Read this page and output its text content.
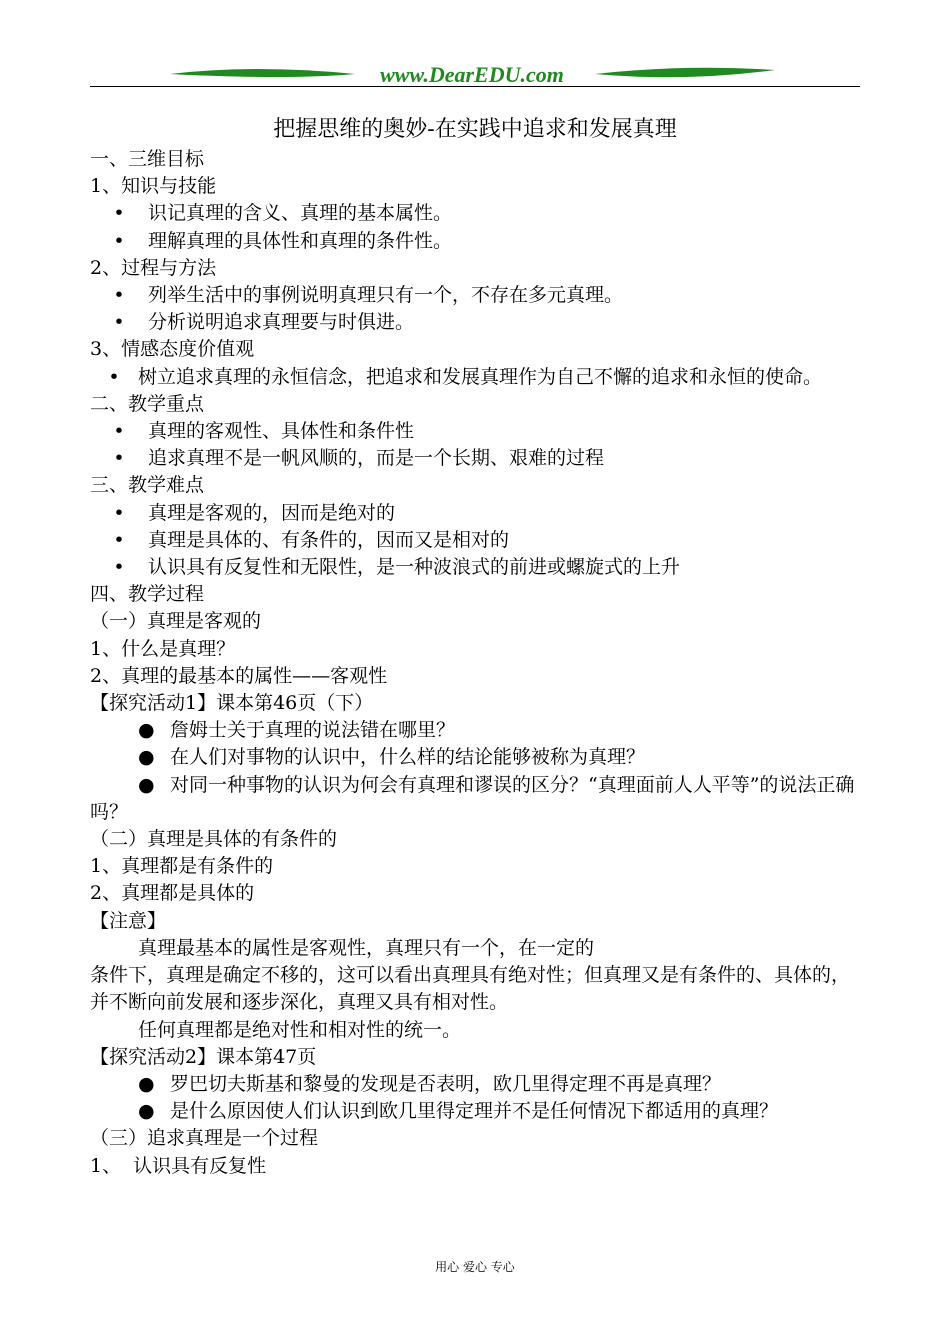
www.DearEDU.com
把握思维的奥妙-在实践中追求和发展真理
一、三维目标
1、知识与技能
• 识记真理的含义、真理的基本属性。
• 理解真理的具体性和真理的条件性。
2、过程与方法
• 列举生活中的事例说明真理只有一个，不存在多元真理。
• 分析说明追求真理要与时俱进。
3、情感态度价值观
• 树立追求真理的永恒信念，把追求和发展真理作为自己不懈的追求和永恒的使命。
二、教学重点
• 真理的客观性、具体性和条件性
• 追求真理不是一帆风顺的，而是一个长期、艰难的过程
三、教学难点
• 真理是客观的，因而是绝对的
• 真理是具体的、有条件的，因而又是相对的
• 认识具有反复性和无限性，是一种波浪式的前进或螺旋式的上升
四、教学过程
（一）真理是客观的
1、什么是真理？
2、真理的最基本的属性——客观性
【探究活动1】课本第46页（下）
● 詹姆士关于真理的说法错在哪里？
● 在人们对事物的认识中，什么样的结论能够被称为真理？
● 对同一种事物的认识为何会有真理和谬误的区分？“真理面前人人平等”的说法正确吗？
（二）真理是具体的有条件的
1、真理都是有条件的
2、真理都是具体的
【注意】
真理最基本的属性是客观性，真理只有一个，在一定的
条件下，真理是确定不移的，这可以看出真理具有绝对性；但真理又是有条件的、具体的，并不断向前发展和逐步深化，真理又具有相对性。
任何真理都是绝对性和相对性的统一。
【探究活动2】课本第47页
● 罗巴切夫斯基和黎曼的发现是否表明，欧几里得定理不再是真理？
● 是什么原因使人们认识到欧几里得定理并不是任何情况下都适用的真理？
（三）追求真理是一个过程
1、  认识具有反复性
用心 爱心 专心
